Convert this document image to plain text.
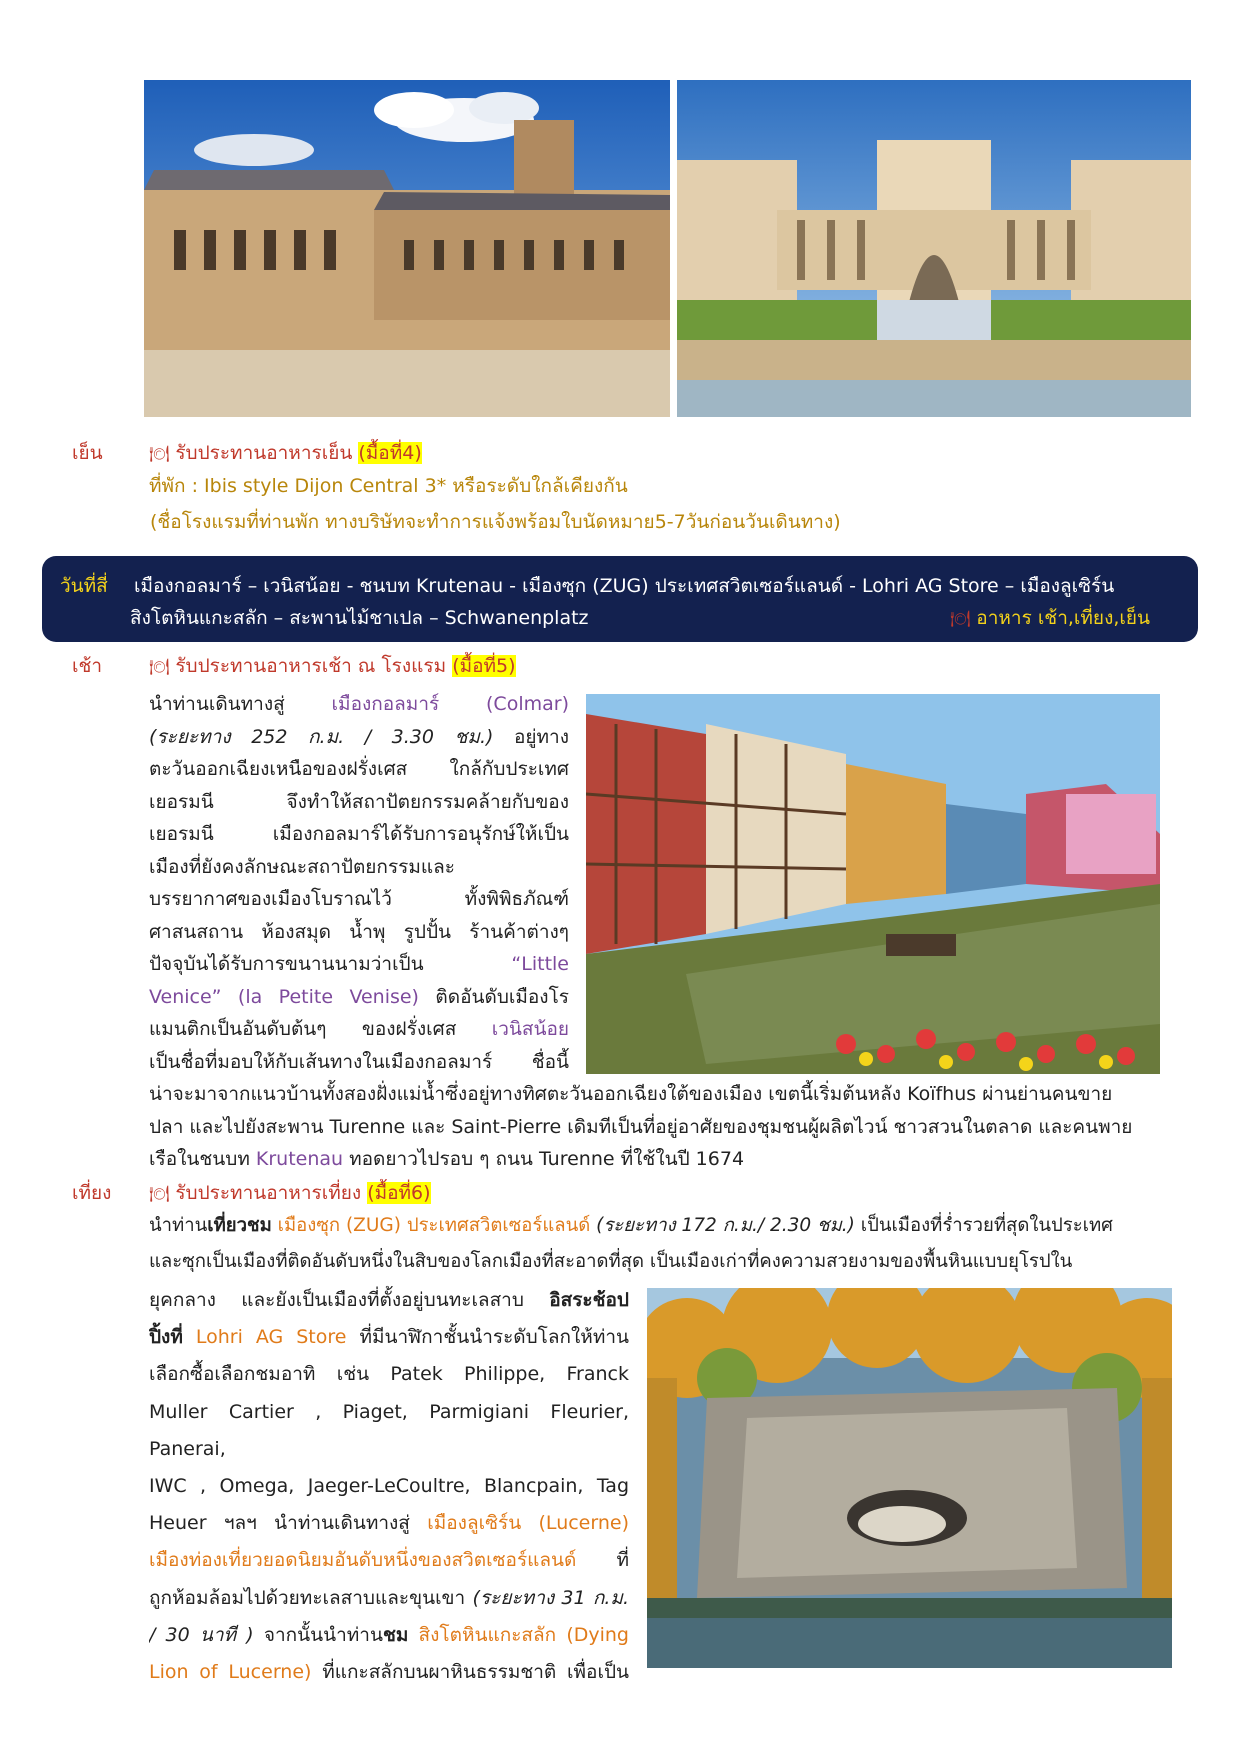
เย็น	🍽 รับประทานอาหารเย็น (มื้อที่4)
ที่พัก : Ibis style Dijon Central 3* หรือระดับใกล้เคียงกัน
(ชื่อโรงแรมที่ท่านพัก ทางบริษัทจะทำการแจ้งพร้อมใบนัดหมาย5-7วันก่อนวันเดินทาง)
วันที่สี่ เมืองกอลมาร์ – เวนิสน้อย - ชนบท Krutenau - เมืองซุก (ZUG) ประเทศสวิตเซอร์แลนด์ - Lohri AG Store – เมืองลูเซิร์น
สิงโตหินแกะสลัก – สะพานไม้ชาเปล – Schwanenplatz	🍽 อาหาร เช้า,เที่ยง,เย็น
เช้า	🍽 รับประทานอาหารเช้า ณ โรงแรม (มื้อที่5)
นำท่านเดินทางสู่ เมืองกอลมาร์ (Colmar)
(ระยะทาง 252 ก.ม. / 3.30 ชม.) อยู่ทาง
ตะวันออกเฉียงเหนือของฝรั่งเศส ใกล้กับประเทศ
เยอรมนี จึงทำให้สถาปัตยกรรมคล้ายกับของ
เยอรมนี เมืองกอลมาร์ได้รับการอนุรักษ์ให้เป็น
เมืองที่ยังคงลักษณะสถาปัตยกรรมและ
บรรยากาศของเมืองโบราณไว้ ทั้งพิพิธภัณฑ์
ศาสนสถาน ห้องสมุด น้ำพุ รูปปั้น ร้านค้าต่างๆ
ปัจจุบันได้รับการขนานนามว่าเป็น “Little
Venice” (la Petite Venise) ติดอันดับเมืองโร
แมนติกเป็นอันดับต้นๆ ของฝรั่งเศส เวนิสน้อย
เป็นชื่อที่มอบให้กับเส้นทางในเมืองกอลมาร์ ชื่อนี้
น่าจะมาจากแนวบ้านทั้งสองฝั่งแม่น้ำซึ่งอยู่ทางทิศตะวันออกเฉียงใต้ของเมือง เขตนี้เริ่มต้นหลัง Koïfhus ผ่านย่านคนขาย
ปลา และไปยังสะพาน Turenne และ Saint-Pierre เดิมทีเป็นที่อยู่อาศัยของชุมชนผู้ผลิตไวน์ ชาวสวนในตลาด และคนพาย
เรือในชนบท Krutenau ทอดยาวไปรอบ ๆ ถนน Turenne ที่ใช้ในปี 1674
เที่ยง 🍽 รับประทานอาหารเที่ยง (มื้อที่6)
นำท่านเที่ยวชม เมืองซุก (ZUG) ประเทศสวิตเซอร์แลนด์ (ระยะทาง 172 ก.ม./ 2.30 ชม.) เป็นเมืองที่ร่ำรวยที่สุดในประเทศ
และซุกเป็นเมืองที่ติดอันดับหนึ่งในสิบของโลกเมืองที่สะอาดที่สุด เป็นเมืองเก่าที่คงความสวยงามของพื้นหินแบบยุโรปใน
ยุคกลาง และยังเป็นเมืองที่ตั้งอยู่บนทะเลสาบ อิสระช้อป
ปิ้งที่ Lohri AG Store ที่มีนาฬิกาชั้นนำระดับโลกให้ท่าน
เลือกซื้อเลือกชมอาทิ เช่น Patek Philippe, Franck
Muller Cartier , Piaget, Parmigiani Fleurier, Panerai,
IWC , Omega, Jaeger-LeCoultre, Blancpain, Tag
Heuer ฯลฯ นำท่านเดินทางสู่ เมืองลูเซิร์น (Lucerne)
เมืองท่องเที่ยวยอดนิยมอันดับหนึ่งของสวิตเซอร์แลนด์ ที่
ถูกห้อมล้อมไปด้วยทะเลสาบและขุนเขา (ระยะทาง 31 ก.ม.
/ 30 นาที ) จากนั้นนำท่านชม สิงโตหินแกะสลัก (Dying
Lion of Lucerne) ที่แกะสลักบนผาหินธรรมชาติ เพื่อเป็น
